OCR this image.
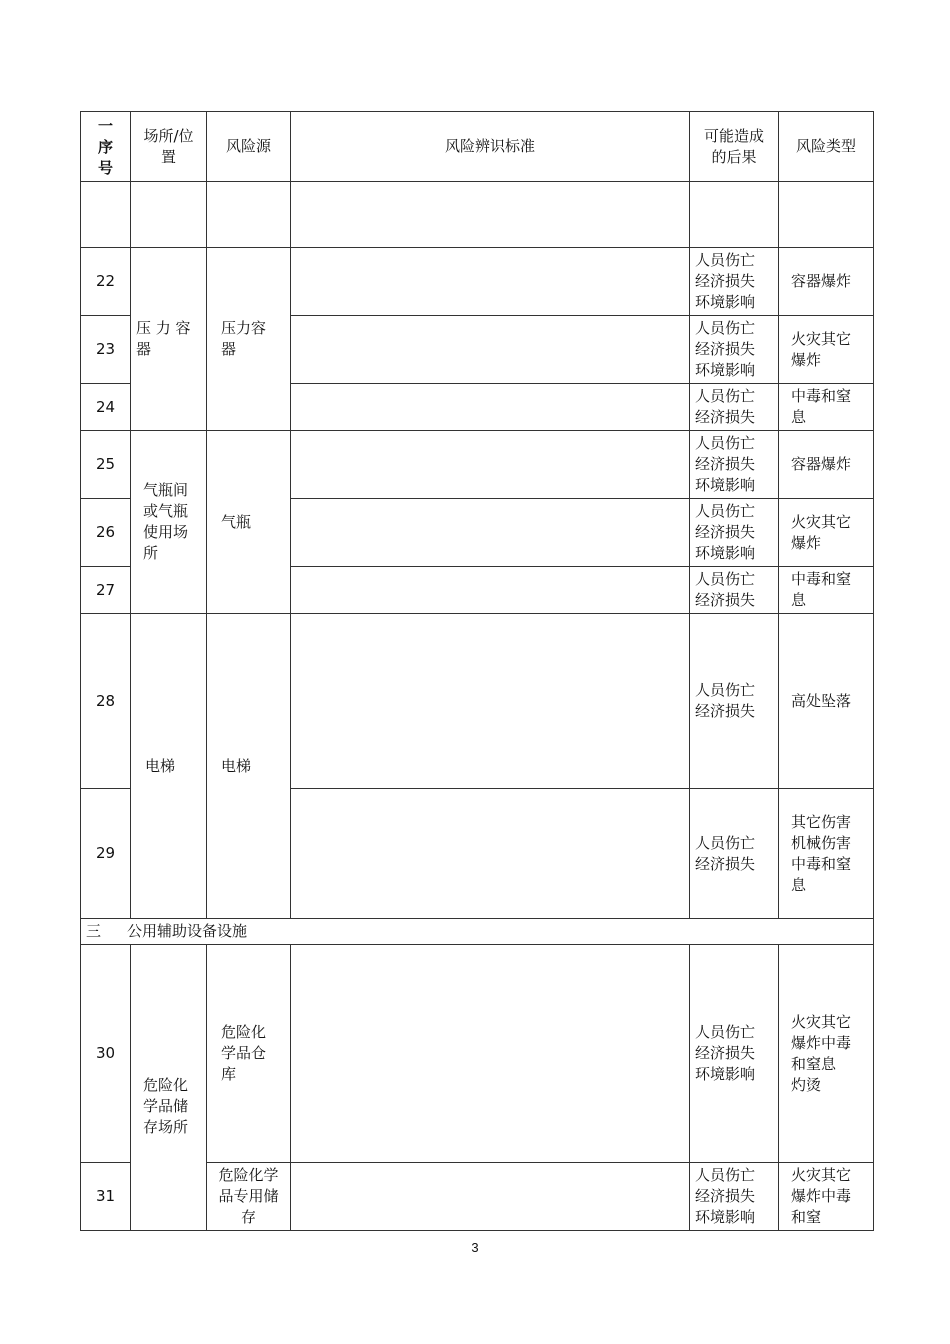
一
序
号	场所/位
置	风险源	风险辨识标准	可能造成
的后果	风险类型

22	压 力 容
器	压力容
器		人员伤亡
经济损失
环境影响	容器爆炸
23				人员伤亡
经济损失
环境影响	火灾其它
爆炸
24				人员伤亡
经济损失	中毒和窒
息
25	气瓶间
或气瓶
使用场
所	气瓶		人员伤亡
经济损失
环境影响	容器爆炸
26				人员伤亡
经济损失
环境影响	火灾其它
爆炸
27				人员伤亡
经济损失	中毒和窒
息
28	电梯	电梯		人员伤亡
经济损失	高处坠落
29				人员伤亡
经济损失	其它伤害
机械伤害
中毒和窒
息
三 公用辅助设备设施					
30	危险化
学品储
存场所	危险化
学品仓
库		人员伤亡
经济损失
环境影响	火灾其它
爆炸中毒
和窒息
灼烫
31		危险化学
品专用储
存		人员伤亡
经济损失
环境影响	火灾其它
爆炸中毒
和窒
3
